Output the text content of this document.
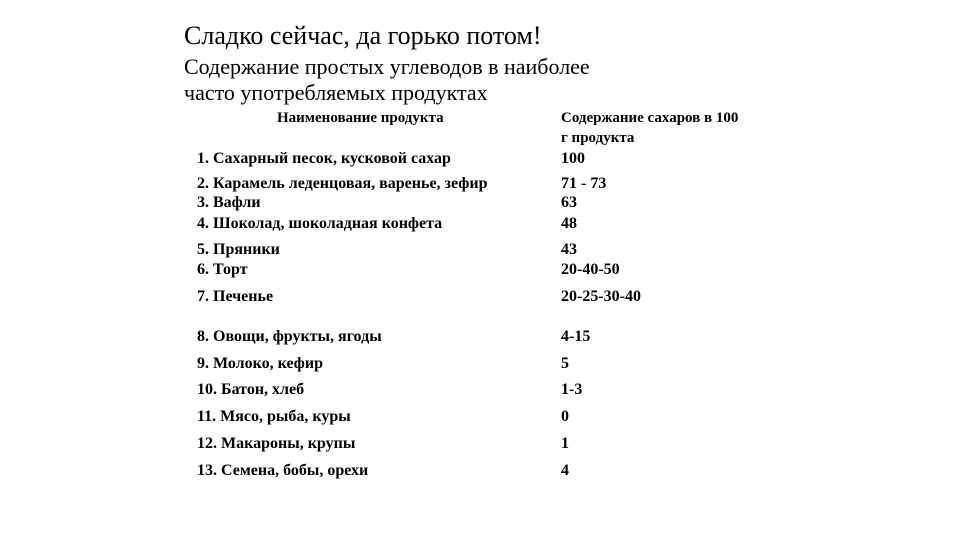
Сладко сейчас, да горько потом!
Содержание простых углеводов в наиболее
часто употребляемых продуктах
Наименование продукта	Содержание сахаров в 100
г продукта
1. Сахарный песок, кусковой сахар	100
2. Карамель леденцовая, варенье, зефир	71 - 73
3. Вафли	63
4. Шоколад, шоколадная конфета	48
5. Пряники	43
6. Торт	20-40-50
7. Печенье	20-25-30-40
8. Овощи, фрукты, ягоды	4-15
9. Молоко, кефир	5
10. Батон, хлеб	1-3
11. Мясо, рыба, куры	0
12. Макароны, крупы	1
13. Семена, бобы, орехи	4
